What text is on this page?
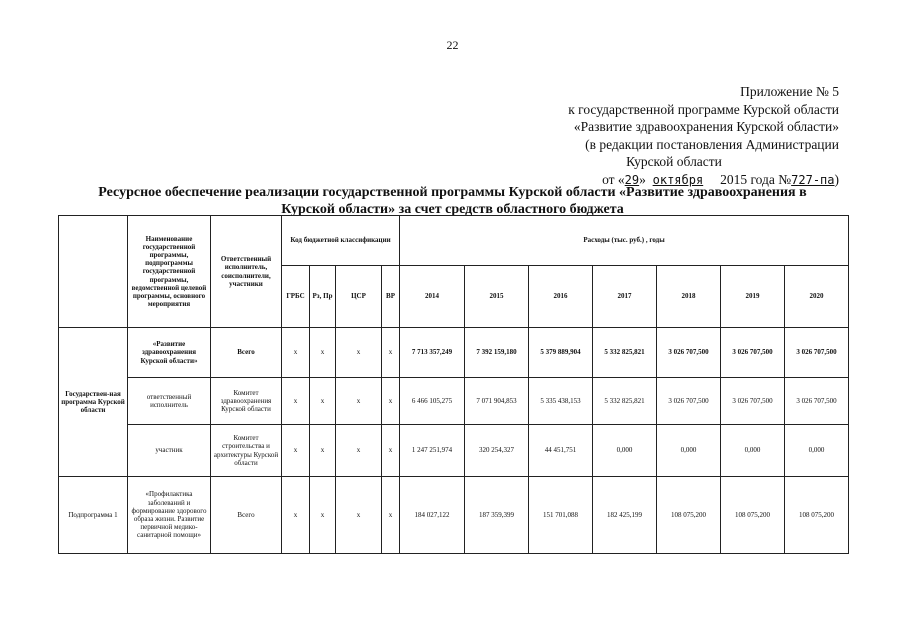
22
Приложение № 5
к государственной программе Курской области
«Развитие здравоохранения Курской области»
(в редакции постановления Администрации
Курской области
от «29» октября 2015 года №727-па)
Ресурсное обеспечение реализации государственной программы Курской области «Развитие здравоохранения в
Курской области» за счет средств областного бюджета
	Наименование государственной программы, подпрограммы государственной программы, ведомственной целевой программы, основного мероприятия	Ответственный исполнитель, соисполнители, участники	Код бюджетной классификации				Расходы (тыс. руб.) , годы						
			ГРБС	Рз, Пр	ЦСР	ВР	2014	2015	2016	2017	2018	2019	2020
Государствен-ная программа Курской области	«Развитие здравоохранения Курской области»	Всего	х	х	х	х	7 713 357,249	7 392 159,180	5 379 889,904	5 332 825,821	3 026 707,500	3 026 707,500	3 026 707,500
	ответственный исполнитель	Комитет здравоохранения Курской области	х	х	х	х	6 466 105,275	7 071 904,853	5 335 438,153	5 332 825,821	3 026 707,500	3 026 707,500	3 026 707,500
	участник	Комитет строительства и архитектуры Курской области	х	х	х	х	1 247 251,974	320 254,327	44 451,751	0,000	0,000	0,000	0,000
Подпрограмма 1	«Профилактика заболеваний и формирование здорового образа жизни. Развитие первичной медико-санитарной помощи»	Всего	х	х	х	х	184 027,122	187 359,399	151 701,088	182 425,199	108 075,200	108 075,200	108 075,200
